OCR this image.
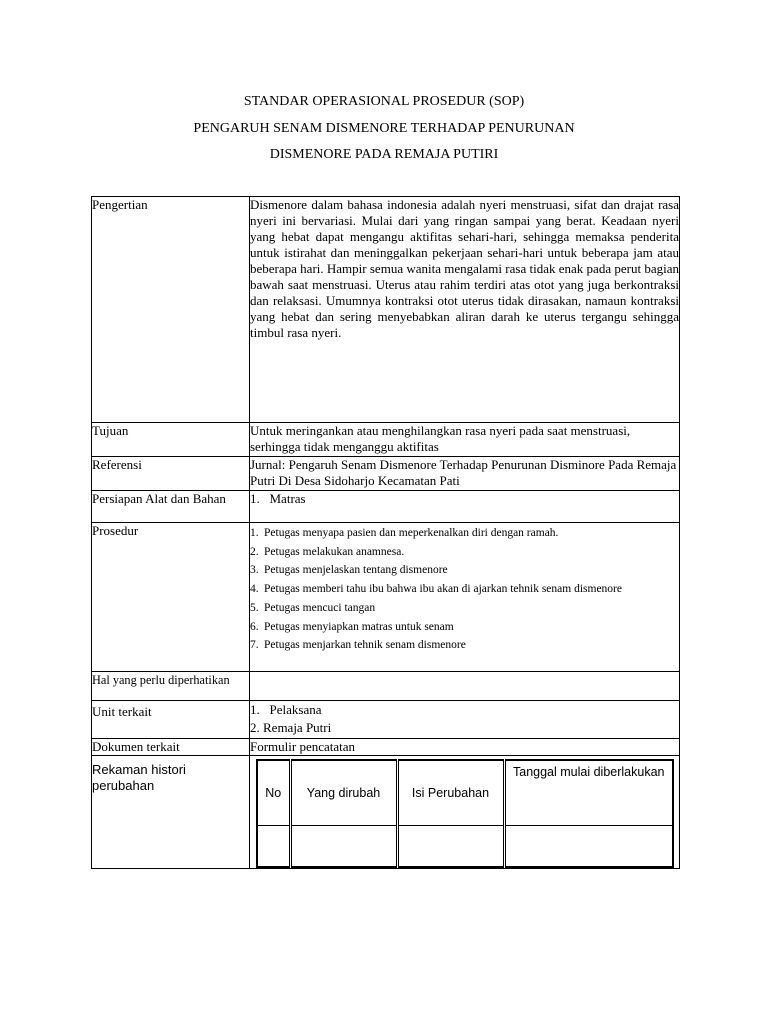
STANDAR OPERASIONAL PROSEDUR (SOP)
PENGARUH SENAM DISMENORE TERHADAP PENURUNAN
DISMENORE PADA REMAJA PUTIRI
Pengertian	Dismenore dalam bahasa indonesia adalah nyeri menstruasi, sifat dan drajat rasa nyeri ini bervariasi. Mulai dari yang ringan sampai yang berat. Keadaan nyeri yang hebat dapat mengangu aktifitas sehari-hari, sehingga memaksa penderita untuk istirahat dan meninggalkan pekerjaan sehari-hari untuk beberapa jam atau beberapa hari. Hampir semua wanita mengalami rasa tidak enak pada perut bagian bawah saat menstruasi. Uterus atau rahim terdiri atas otot yang juga berkontraksi dan relaksasi. Umumnya kontraksi otot uterus tidak dirasakan, namaun kontraksi yang hebat dan sering menyebabkan aliran darah ke uterus tergangu sehingga timbul rasa nyeri.
Tujuan	Untuk meringankan atau menghilangkan rasa nyeri pada saat menstruasi, serhingga tidak menganggu aktifitas
Referensi	Jurnal: Pengaruh Senam Dismenore Terhadap Penurunan Disminore Pada Remaja Putri Di Desa Sidoharjo Kecamatan Pati
Persiapan Alat dan Bahan	1. Matras
Prosedur	1. Petugas menyapa pasien dan meperkenalkan diri dengan ramah.
2. Petugas melakukan anamnesa.
3. Petugas menjelaskan tentang dismenore
4. Petugas memberi tahu ibu bahwa ibu akan di ajarkan tehnik senam dismenore
5. Petugas mencuci tangan
6. Petugas menyiapkan matras untuk senam
7. Petugas menjarkan tehnik senam dismenore

Hal yang perlu diperhatikan	
Unit terkait	1. Pelaksana
2. Remaja Putri

Dokumen terkait	Formulir pencatatan
Rekaman histori perubahan		No	Yang dirubah	Isi Perubahan	Tanggal mulai diberlakukan
